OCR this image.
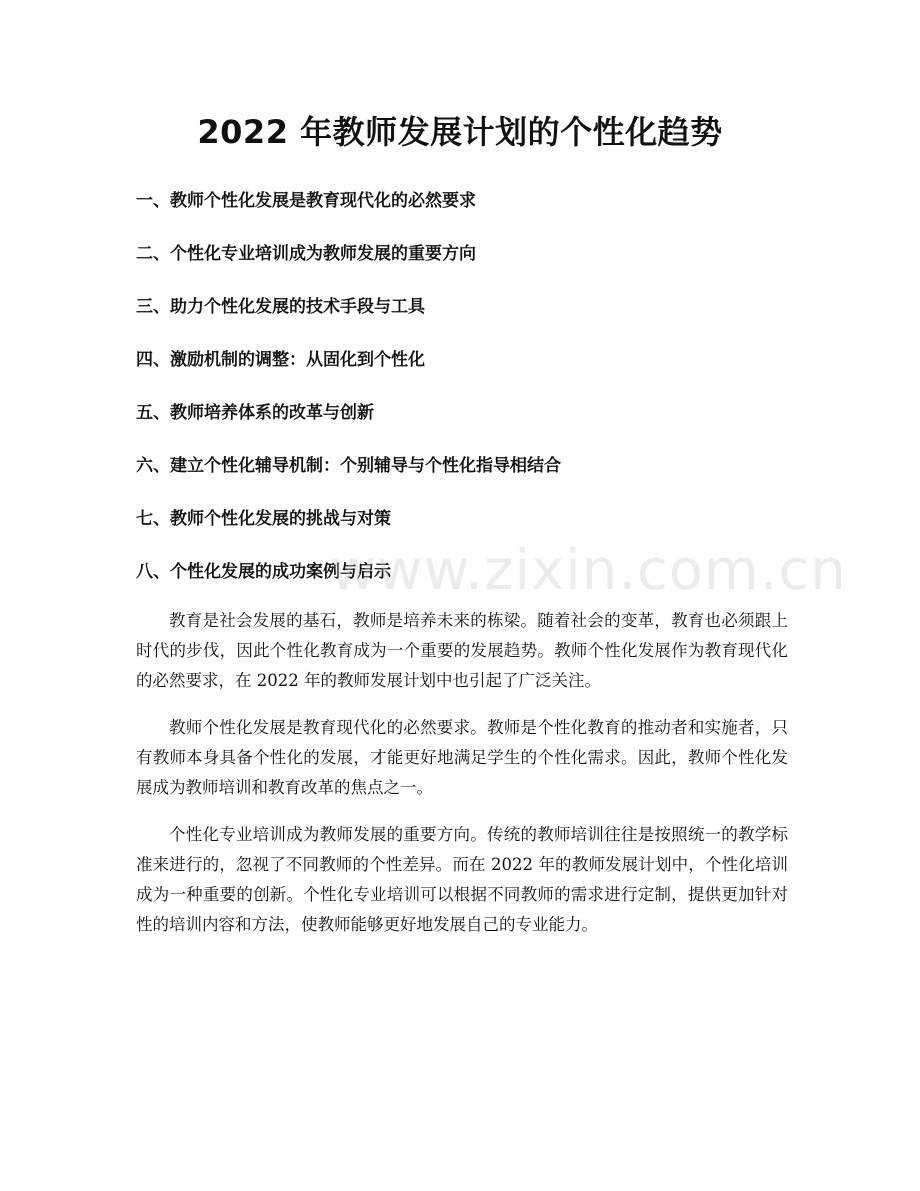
2022 年教师发展计划的个性化趋势
一、教师个性化发展是教育现代化的必然要求
二、个性化专业培训成为教师发展的重要方向
三、助力个性化发展的技术手段与工具
四、激励机制的调整：从固化到个性化
五、教师培养体系的改革与创新
六、建立个性化辅导机制：个别辅导与个性化指导相结合
七、教师个性化发展的挑战与对策
八、个性化发展的成功案例与启示
www.zixin.com.cn

教育是社会发展的基石，教师是培养未来的栋梁。随着社会的变革，教育也必须跟上时代的步伐，因此个性化教育成为一个重要的发展趋势。教师个性化发展作为教育现代化的必然要求，在 2022 年的教师发展计划中也引起了广泛关注。

教师个性化发展是教育现代化的必然要求。教师是个性化教育的推动者和实施者，只有教师本身具备个性化的发展，才能更好地满足学生的个性化需求。因此，教师个性化发展成为教师培训和教育改革的焦点之一。

个性化专业培训成为教师发展的重要方向。传统的教师培训往往是按照统一的教学标准来进行的，忽视了不同教师的个性差异。而在 2022 年的教师发展计划中，个性化培训成为一种重要的创新。个性化专业培训可以根据不同教师的需求进行定制，提供更加针对性的培训内容和方法，使教师能够更好地发展自己的专业能力。
